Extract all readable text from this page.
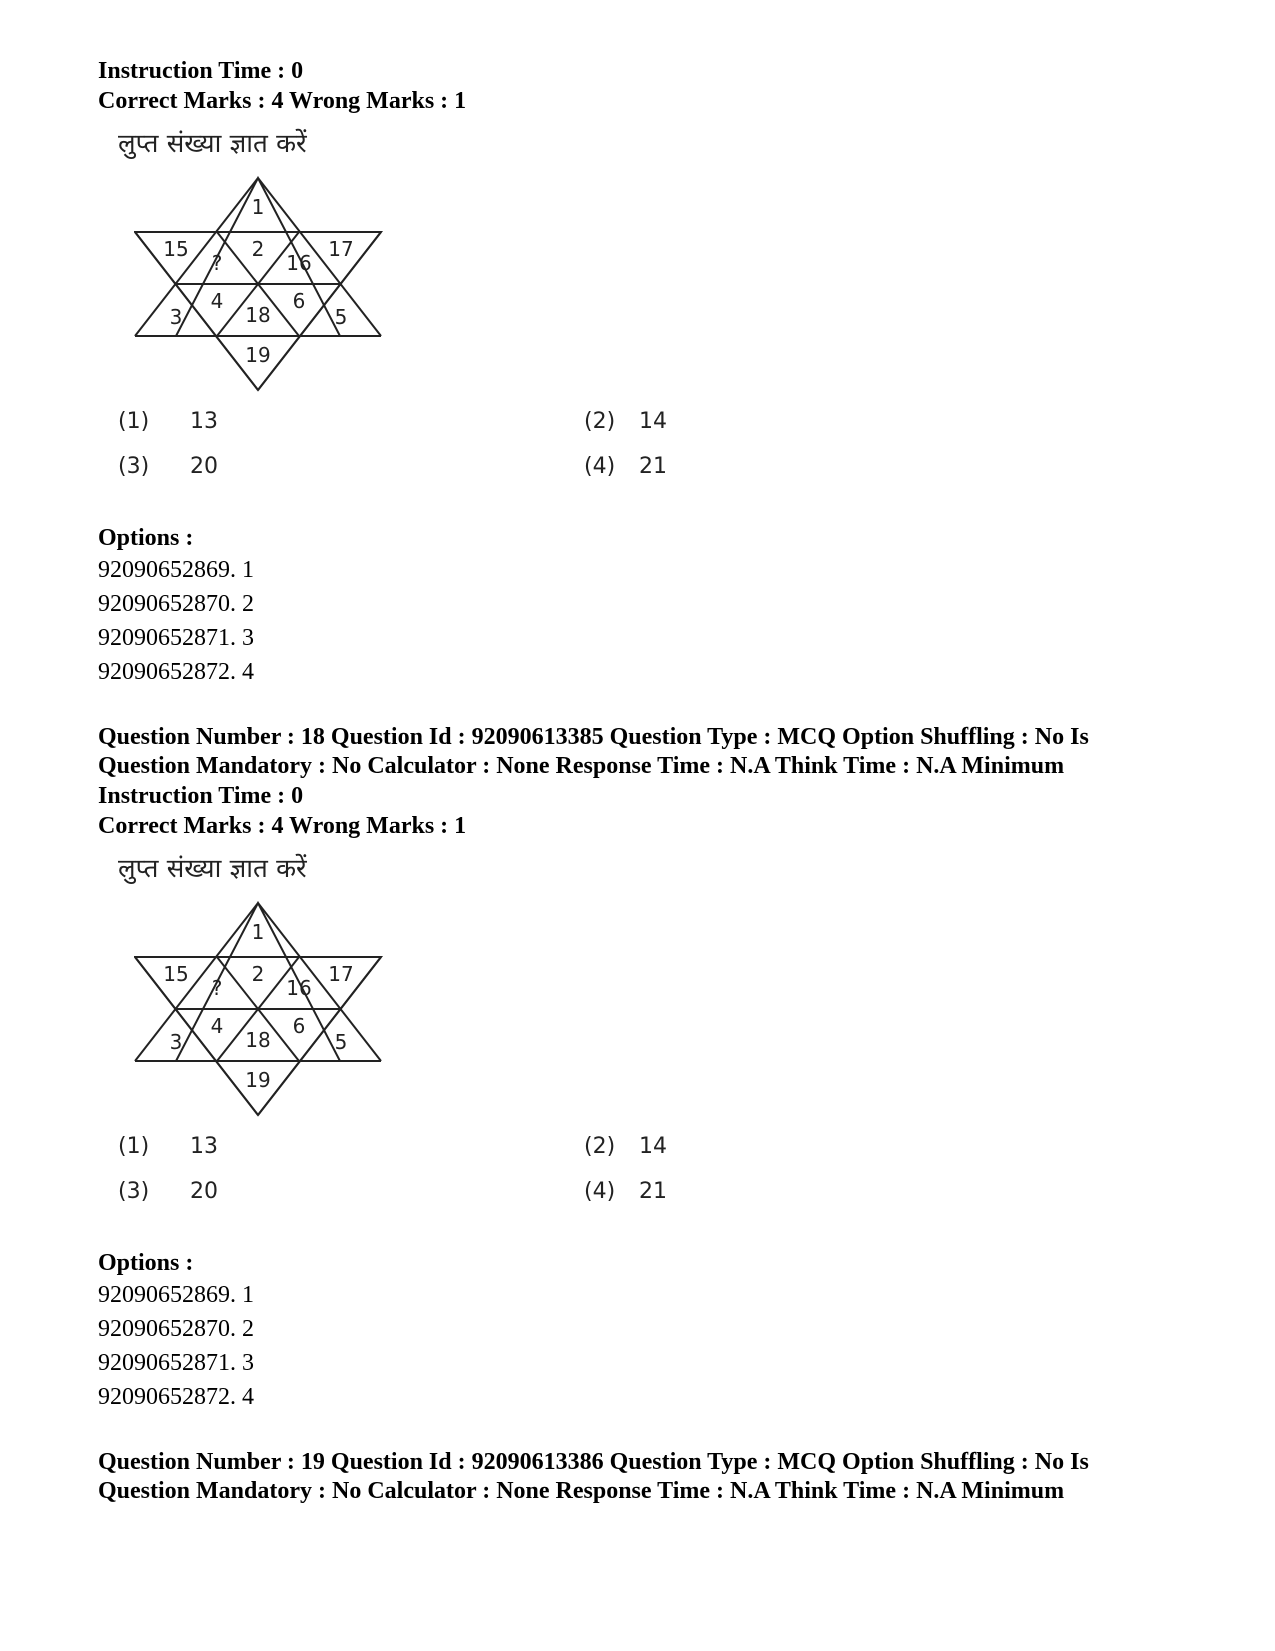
Instruction Time : 0
Correct Marks : 4 Wrong Marks : 1
लुप्त संख्या ज्ञात करें
1
15
?
2
16
17
3
4
18
6
5
19
(1) 13	(2) 14
(3) 20	(4) 21
Options :
92090652869. 1
92090652870. 2
92090652871. 3
92090652872. 4
Question Number : 18 Question Id : 92090613385 Question Type : MCQ Option Shuffling : No Is
Question Mandatory : No Calculator : None Response Time : N.A Think Time : N.A Minimum
Instruction Time : 0
Correct Marks : 4 Wrong Marks : 1
लुप्त संख्या ज्ञात करें
1
15
?
2
16
17
3
4
18
6
5
19
(1) 13	(2) 14
(3) 20	(4) 21
Options :
92090652869. 1
92090652870. 2
92090652871. 3
92090652872. 4
Question Number : 19 Question Id : 92090613386 Question Type : MCQ Option Shuffling : No Is
Question Mandatory : No Calculator : None Response Time : N.A Think Time : N.A Minimum
